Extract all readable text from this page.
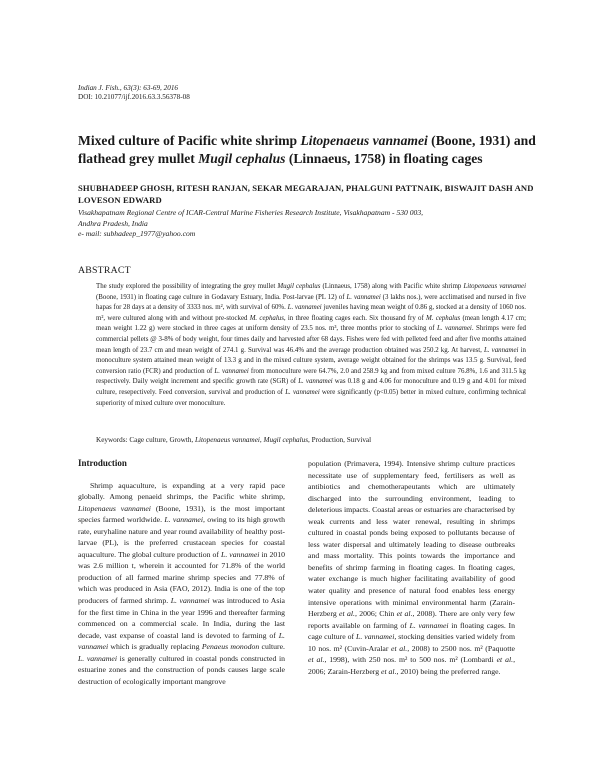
Indian J. Fish., 63(3): 63-69, 2016
DOI: 10.21077/ijf.2016.63.3.56378-08
Mixed culture of Pacific white shrimp Litopenaeus vannamei (Boone, 1931) and flathead grey mullet Mugil cephalus (Linnaeus, 1758) in floating cages
SHUBHADEEP GHOSH, RITESH RANJAN, SEKAR MEGARAJAN, PHALGUNI PATTNAIK, BISWAJIT DASH AND LOVESON EDWARD
Visakhapatnam Regional Centre of ICAR-Central Marine Fisheries Research Institute, Visakhapatnam - 530 003,
Andhra Pradesh, India
e- mail: subhadeep_1977@yahoo.com
ABSTRACT

The study explored the possibility of integrating the grey mullet Mugil cephalus (Linnaeus, 1758) along with Pacific white shrimp Litopenaeus vannamei (Boone, 1931) in floating cage culture in Godavary Estuary, India. Post-larvae (PL 12) of L. vannamei (3 lakhs nos.), were acclimatised and nursed in five hapas for 28 days at a density of 3333 nos. m², with survival of 60%. L. vannamei juveniles having mean weight of 0.86 g, stocked at a density of 1060 nos. m², were cultured along with and without pre-stocked M. cephalus, in three floating cages each. Six thousand fry of M. cephalus (mean length 4.17 cm; mean weight 1.22 g) were stocked in three cages at uniform density of 23.5 nos. m³, three months prior to stocking of L. vannamei. Shrimps were fed commercial pellets @ 3-8% of body weight, four times daily and harvested after 68 days. Fishes were fed with pelleted feed and after five months attained mean length of 23.7 cm and mean weight of 274.1 g. Survival was 46.4% and the average production obtained was 250.2 kg. At harvest, L. vannamei in monoculture system attained mean weight of 13.3 g and in the mixed culture system, average weight obtained for the shrimps was 13.5 g. Survival, feed conversion ratio (FCR) and production of L. vannamei from monoculture were 64.7%, 2.0 and 258.9 kg and from mixed culture 76.8%, 1.6 and 311.5 kg respectively. Daily weight increment and specific growth rate (SGR) of L. vannamei was 0.18 g and 4.06 for monoculture and 0.19 g and 4.01 for mixed culture, resepectively. Feed conversion, survival and production of L. vannamei were significantly (p<0.05) better in mixed culture, confirming technical superiority of mixed culture over monoculture.

Keywords: Cage culture, Growth, Litopenaeus vannamei, Mugil cephalus, Production, Survival
Introduction

Shrimp aquaculture, is expanding at a very rapid pace globally. Among penaeid shrimps, the Pacific white shrimp, Litopenaeus vannamei (Boone, 1931), is the most important species farmed worldwide. L. vannamei, owing to its high growth rate, euryhaline nature and year round availability of healthy post-larvae (PL), is the preferred crustacean species for coastal aquaculture. The global culture production of L. vannamei in 2010 was 2.6 million t, wherein it accounted for 71.8% of the world production of all farmed marine shrimp species and 77.8% of which was produced in Asia (FAO, 2012). India is one of the top producers of farmed shrimp. L. vannamei was introduced to Asia for the first time in China in the year 1996 and thereafter farming commenced on a commercial scale. In India, during the last decade, vast expanse of coastal land is devoted to farming of L. vannamei which is gradually replacing Penaeus monodon culture. L. vannamei is generally cultured in coastal ponds constructed in estuarine zones and the construction of ponds causes large scale destruction of ecologically important mangrove

population (Primavera, 1994). Intensive shrimp culture practices necessitate use of supplementary feed, fertilisers as well as antibiotics and chemotherapeutants which are ultimately discharged into the surrounding environment, leading to deleterious impacts. Coastal areas or estuaries are characterised by weak currents and less water renewal, resulting in shrimps cultured in coastal ponds being exposed to pollutants because of less water dispersal and ultimately leading to disease outbreaks and mass mortality. This points towards the importance and benefits of shrimp farming in floating cages. In floating cages, water exchange is much higher facilitating availability of good water quality and presence of natural food enables less energy intensive operations with minimal environmental harm (Zarain-Herzberg et al., 2006; Chin et al., 2008). There are only very few reports available on farming of L. vannamei in floating cages. In cage culture of L. vannamei, stocking densities varied widely from 10 nos. m² (Cuvin-Aralar et al., 2008) to 2500 nos. m² (Paquotte et al., 1998), with 250 nos. m² to 500 nos. m² (Lombardi et al., 2006; Zarain-Herzberg et al., 2010) being the preferred range.
